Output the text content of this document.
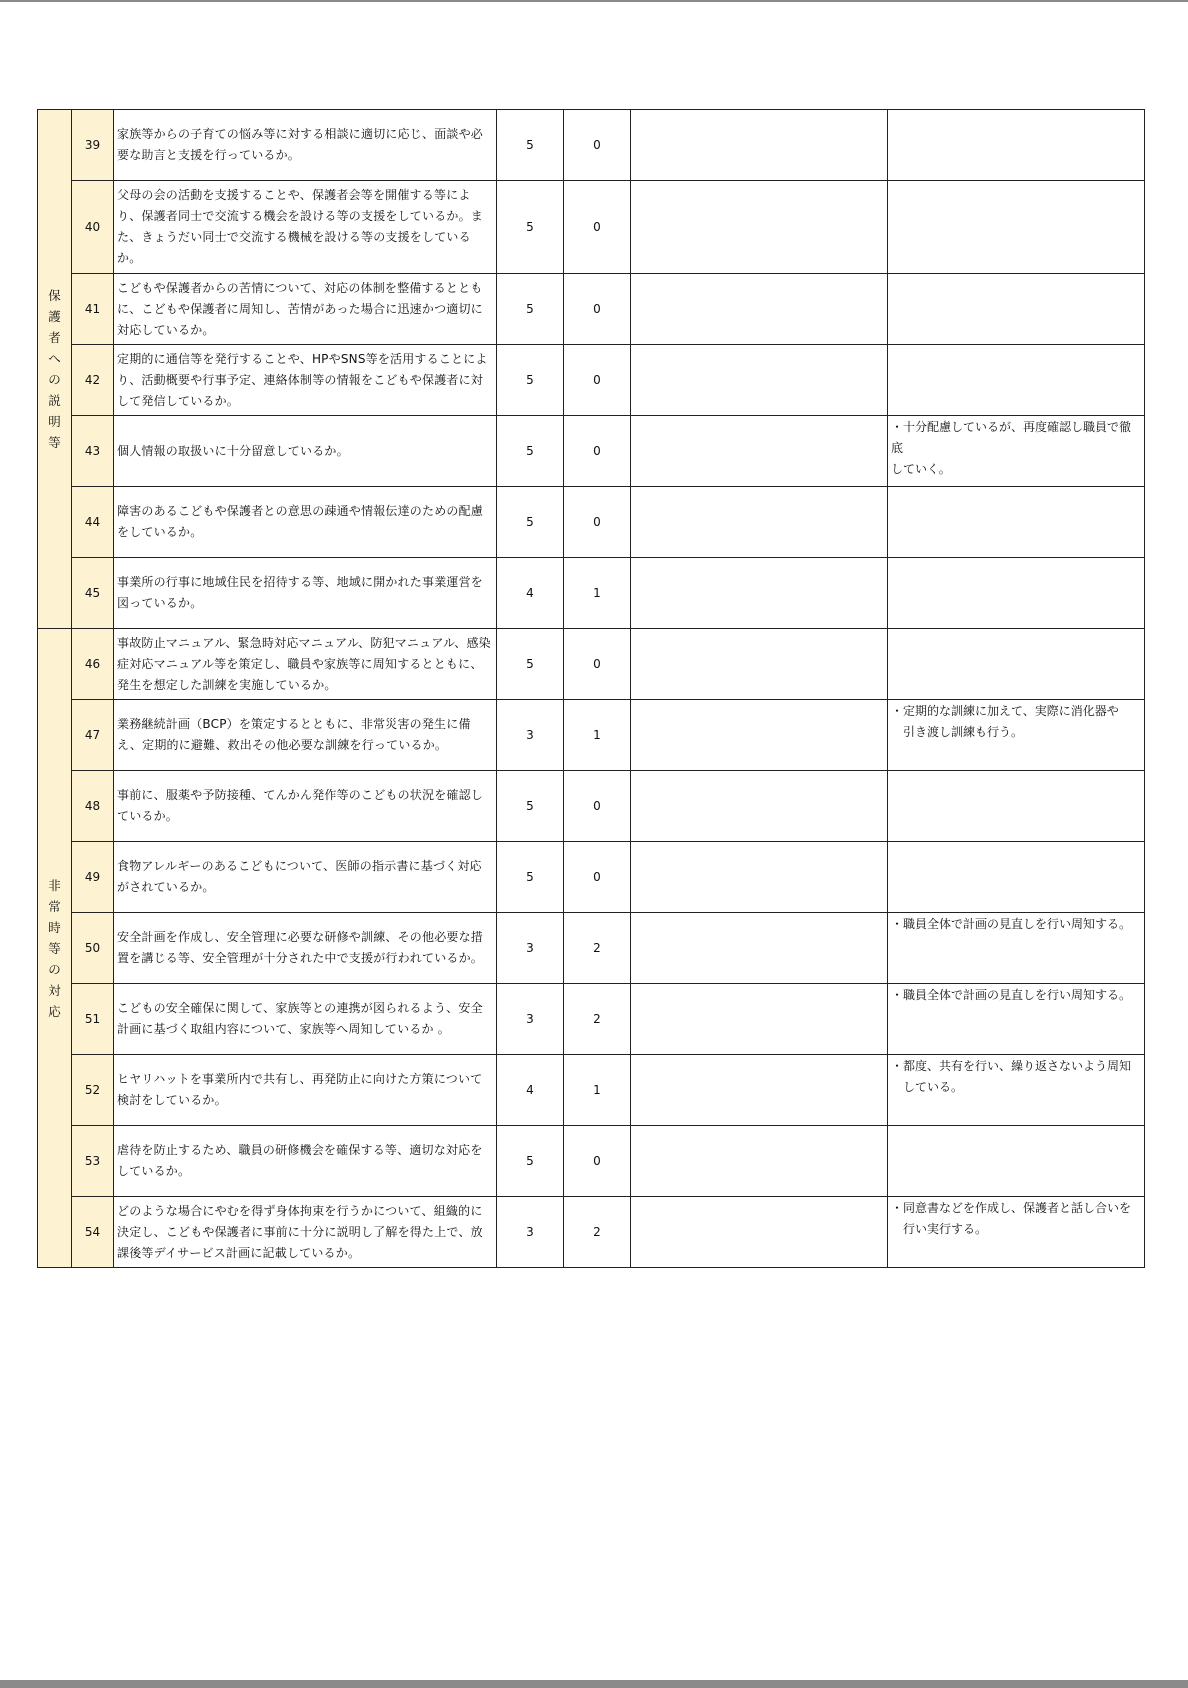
保護者への説明等	39	家族等からの子育ての悩み等に対する相談に適切に応じ、面談や必要な助言と支援を行っているか。	5	0		
	40	父母の会の活動を支援することや、保護者会等を開催する等により、保護者同士で交流する機会を設ける等の支援をしているか。また、きょうだい同士で交流する機械を設ける等の支援をしているか。	5	0		
	41	こどもや保護者からの苦情について、対応の体制を整備するとともに、こどもや保護者に周知し、苦情があった場合に迅速かつ適切に対応しているか。	5	0		
	42	定期的に通信等を発行することや、HPやSNS等を活用することにより、活動概要や行事予定、連絡体制等の情報をこどもや保護者に対して発信しているか。	5	0		
	43	個人情報の取扱いに十分留意しているか。	5	0		・十分配慮しているが、再度確認し職員で徹底
していく。
	44	障害のあるこどもや保護者との意思の疎通や情報伝達のための配慮をしているか。	5	0		
	45	事業所の行事に地域住民を招待する等、地域に開かれた事業運営を図っているか。	4	1		
非常時等の対応	46	事故防止マニュアル、緊急時対応マニュアル、防犯マニュアル、感染症対応マニュアル等を策定し、職員や家族等に周知するとともに、発生を想定した訓練を実施しているか。	5	0		
	47	業務継続計画（BCP）を策定するとともに、非常災害の発生に備え、定期的に避難、救出その他必要な訓練を行っているか。	3	1		・定期的な訓練に加えて、実際に消化器や
　引き渡し訓練も行う。
	48	事前に、服薬や予防接種、てんかん発作等のこどもの状況を確認しているか。	5	0		
	49	食物アレルギーのあるこどもについて、医師の指示書に基づく対応がされているか。	5	0		
	50	安全計画を作成し、安全管理に必要な研修や訓練、その他必要な措置を講じる等、安全管理が十分された中で支援が行われているか。	3	2		・職員全体で計画の見直しを行い周知する。
	51	こどもの安全確保に関して、家族等との連携が図られるよう、安全計画に基づく取組内容について、家族等へ周知しているか 。	3	2		・職員全体で計画の見直しを行い周知する。
	52	ヒヤリハットを事業所内で共有し、再発防止に向けた方策について検討をしているか。	4	1		・都度、共有を行い、繰り返さないよう周知
　している。
	53	虐待を防止するため、職員の研修機会を確保する等、適切な対応をしているか。	5	0		
	54	どのような場合にやむを得ず身体拘束を行うかについて、組織的に決定し、こどもや保護者に事前に十分に説明し了解を得た上で、放課後等デイサービス計画に記載しているか。	3	2		・同意書などを作成し、保護者と話し合いを
　行い実行する。
